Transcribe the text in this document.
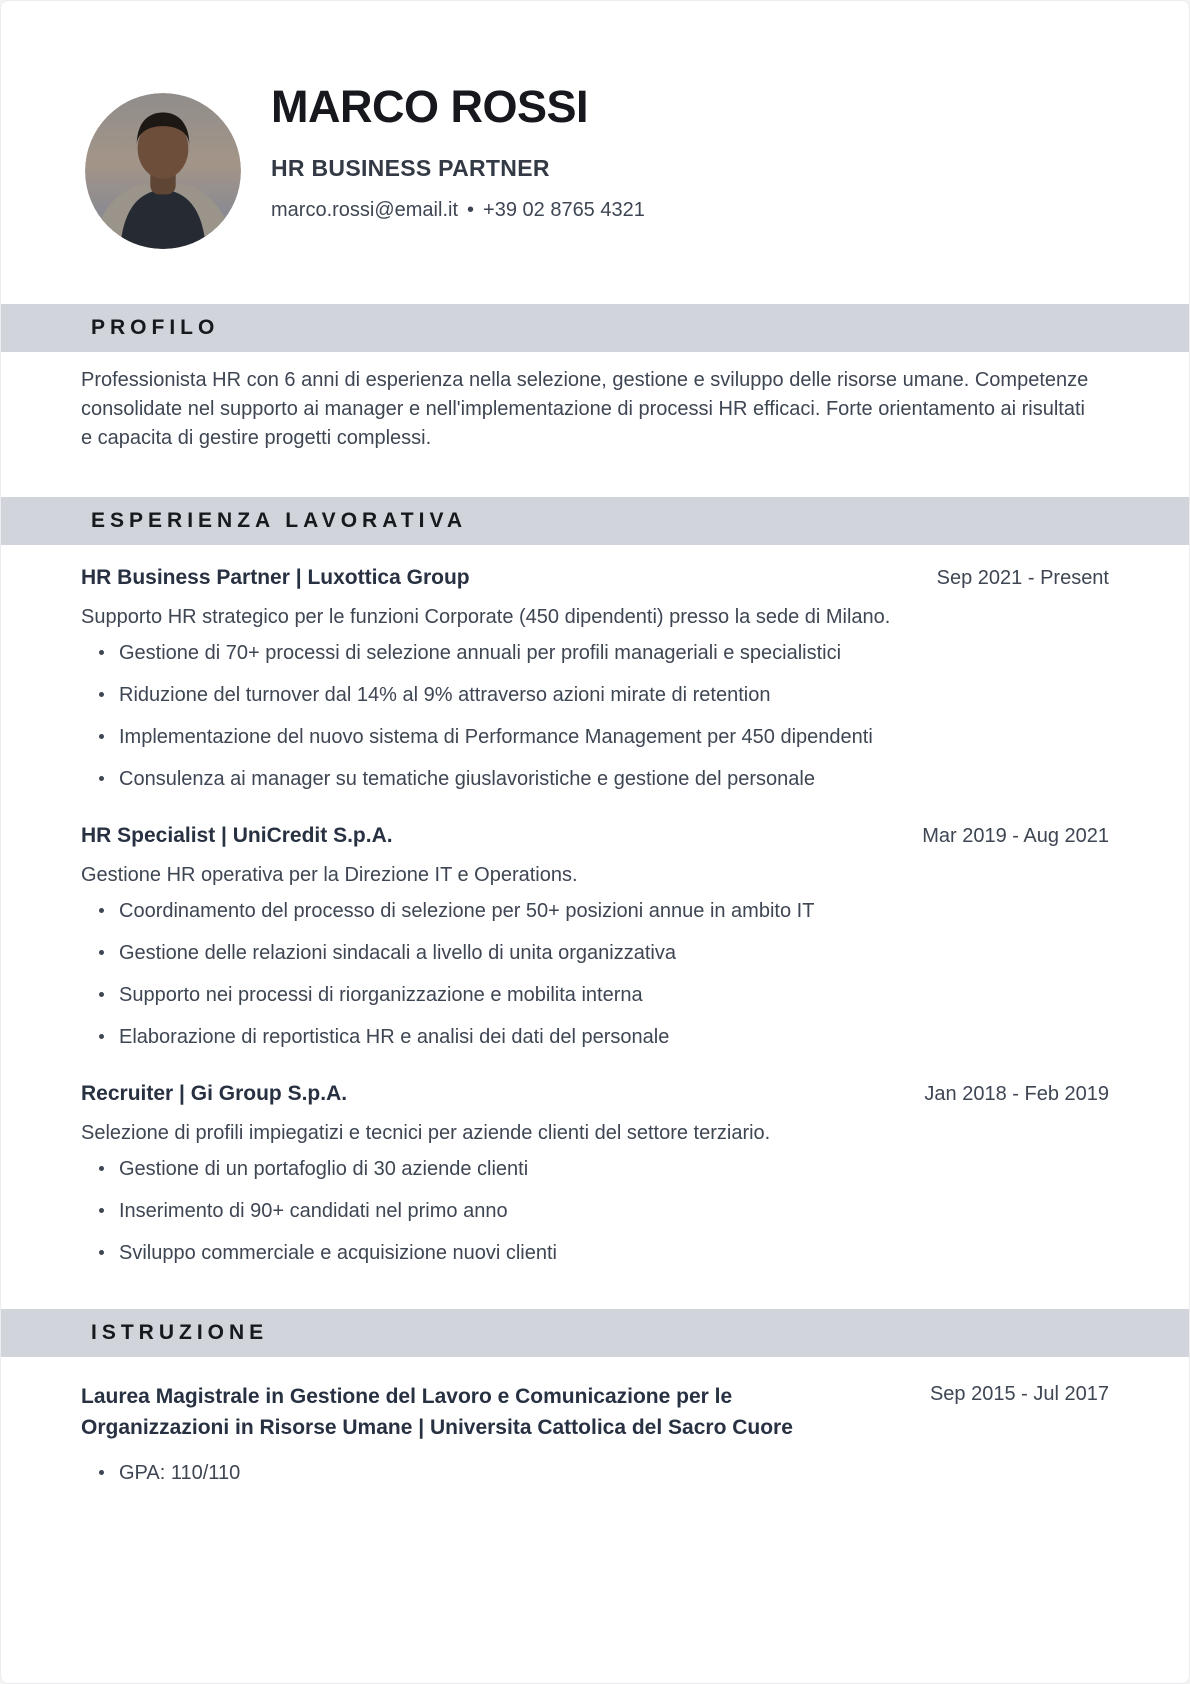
MARCO ROSSI
HR BUSINESS PARTNER
marco.rossi@email.it • +39 02 8765 4321
PROFILO

Professionista HR con 6 anni di esperienza nella selezione, gestione e sviluppo delle risorse umane. Competenze consolidate nel supporto ai manager e nell'implementazione di processi HR efficaci. Forte orientamento ai risultati e capacita di gestire progetti complessi.

ESPERIENZA LAVORATIVA
HR Business Partner | Luxottica Group	Sep 2021 - Present

Supporto HR strategico per le funzioni Corporate (450 dipendenti) presso la sede di Milano.

Gestione di 70+ processi di selezione annuali per profili manageriali e specialistici
Riduzione del turnover dal 14% al 9% attraverso azioni mirate di retention
Implementazione del nuovo sistema di Performance Management per 450 dipendenti
Consulenza ai manager su tematiche giuslavoristiche e gestione del personale
HR Specialist | UniCredit S.p.A.	Mar 2019 - Aug 2021

Gestione HR operativa per la Direzione IT e Operations.

Coordinamento del processo di selezione per 50+ posizioni annue in ambito IT
Gestione delle relazioni sindacali a livello di unita organizzativa
Supporto nei processi di riorganizzazione e mobilita interna
Elaborazione di reportistica HR e analisi dei dati del personale
Recruiter | Gi Group S.p.A.	Jan 2018 - Feb 2019

Selezione di profili impiegatizi e tecnici per aziende clienti del settore terziario.

Gestione di un portafoglio di 30 aziende clienti
Inserimento di 90+ candidati nel primo anno
Sviluppo commerciale e acquisizione nuovi clienti
ISTRUZIONE
Laurea Magistrale in Gestione del Lavoro e Comunicazione per le Organizzazioni in Risorse Umane | Universita Cattolica del Sacro Cuore
Sep 2015 - Jul 2017
GPA: 110/110
